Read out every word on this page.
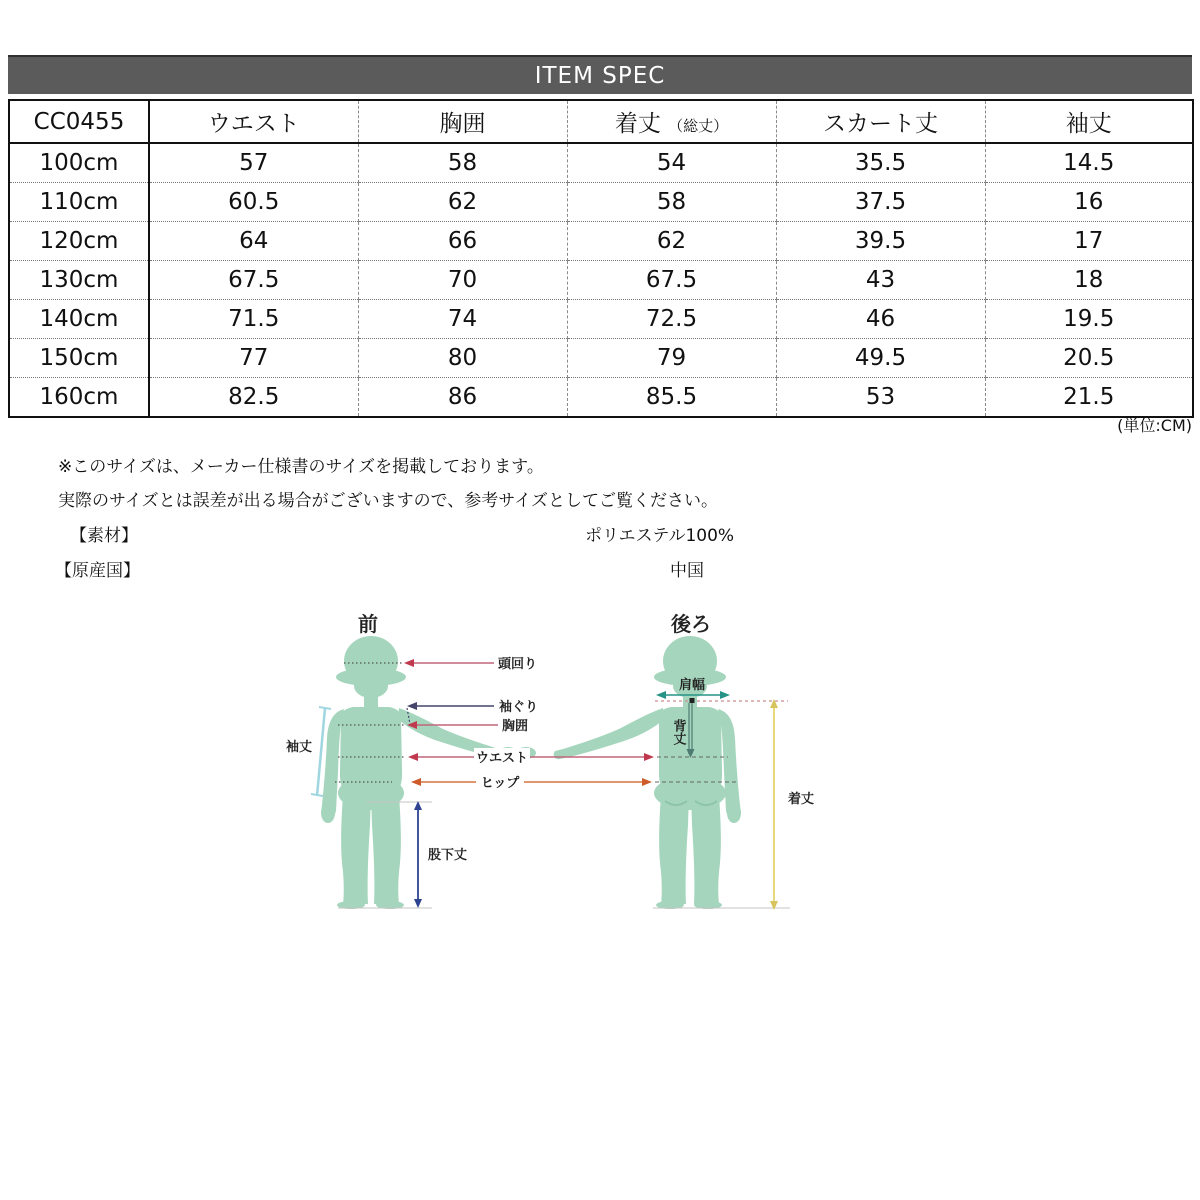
ITEM SPEC
CC0455	ウエスト	胸囲	着丈 （総丈）	スカート丈	袖丈
100cm	57	58	54	35.5	14.5
110cm	60.5	62	58	37.5	16
120cm	64	66	62	39.5	17
130cm	67.5	70	67.5	43	18
140cm	71.5	74	72.5	46	19.5
150cm	77	80	79	49.5	20.5
160cm	82.5	86	85.5	53	21.5
(単位:CM)
※このサイズは、メーカー仕様書のサイズを掲載しております。
実際のサイズとは誤差が出る場合がございますので、参考サイズとしてご覧ください。
【素材】	ポリエステル100%
【原産国】	中国
前	後ろ
頭回り
袖ぐり
胸囲
ウエスト
ヒップ
袖丈
股下丈
肩幅
背丈
着丈
